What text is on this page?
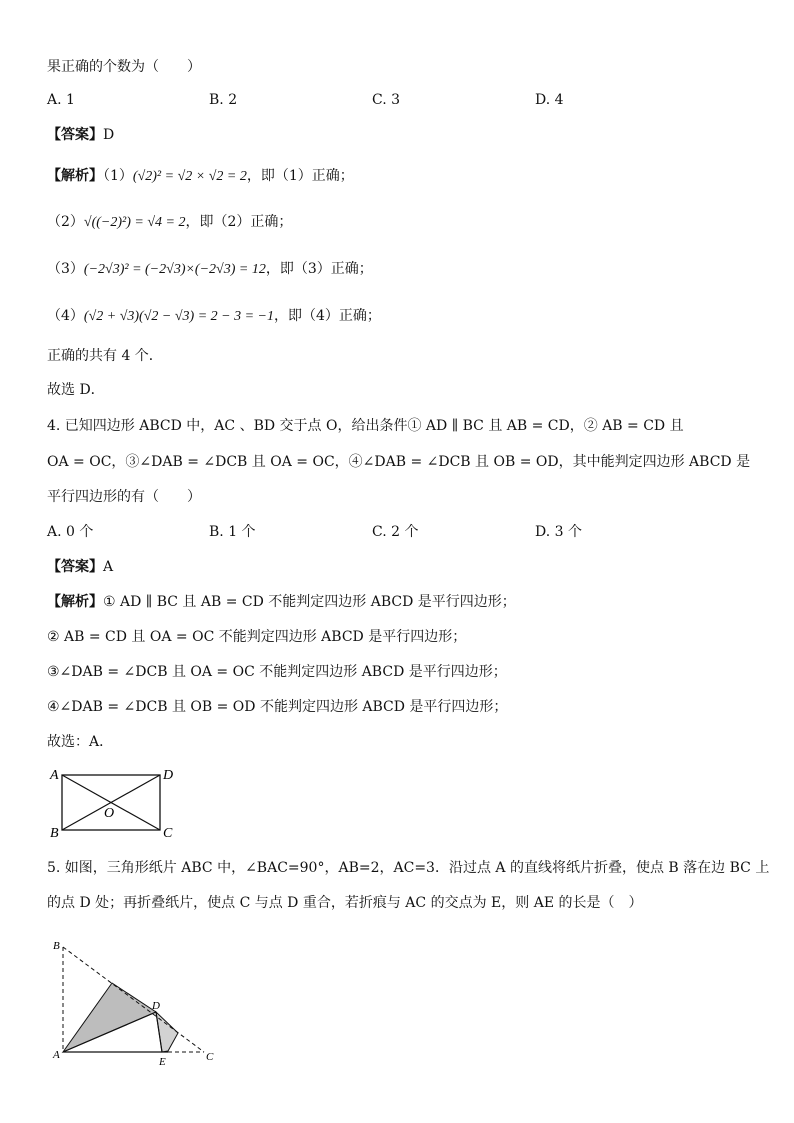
果正确的个数为（　　）
A. 1	B. 2	C. 3	D. 4
【答案】D
【解析】（1）(√2)² = √2 × √2 = 2，即（1）正确；
（2）√((−2)²) = √4 = 2，即（2）正确；
（3）(−2√3)² = (−2√3)×(−2√3) = 12，即（3）正确；
（4）(√2 + √3)(√2 − √3) = 2 − 3 = −1，即（4）正确；
正确的共有 4 个．
故选 D．
4. 已知四边形 ABCD 中，AC 、BD 交于点 O，给出条件① AD ∥ BC 且 AB = CD，② AB = CD 且
OA = OC，③∠DAB = ∠DCB 且 OA = OC，④∠DAB = ∠DCB 且 OB = OD，其中能判定四边形 ABCD 是
平行四边形的有（　　）
A. 0 个	B. 1 个	C. 2 个	D. 3 个
【答案】A
【解析】① AD ∥ BC 且 AB = CD 不能判定四边形 ABCD 是平行四边形；
② AB = CD 且 OA = OC 不能判定四边形 ABCD 是平行四边形；
③∠DAB = ∠DCB 且 OA = OC 不能判定四边形 ABCD 是平行四边形；
④∠DAB = ∠DCB 且 OB = OD 不能判定四边形 ABCD 是平行四边形；
故选：A．
A	D
B	C
O
5. 如图，三角形纸片 ABC 中，∠BAC=90°，AB=2，AC=3．沿过点 A 的直线将纸片折叠，使点 B 落在边 BC 上
的点 D 处；再折叠纸片，使点 C 与点 D 重合，若折痕与 AC 的交点为 E，则 AE 的长是（　）
B
D
A
E	C
